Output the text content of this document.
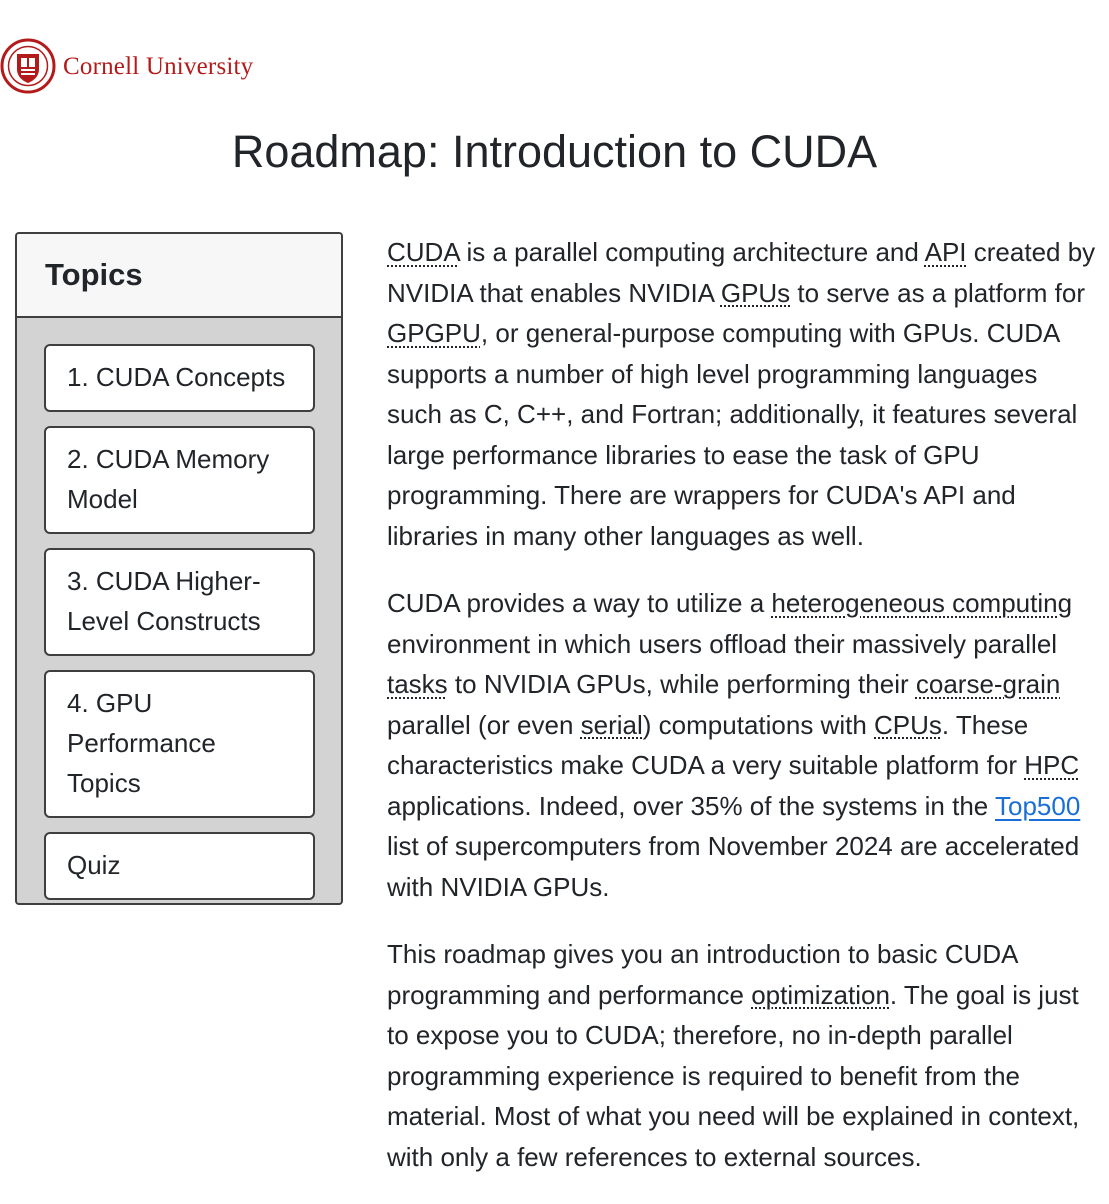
Cornell University
Roadmap: Introduction to CUDA
Topics
1. CUDA Concepts
2. CUDA Memory Model
3. CUDA Higher-Level Constructs
4. GPU Performance Topics
Quiz

CUDA is a parallel computing architecture and API created by NVIDIA that enables NVIDIA GPUs to serve as a platform for GPGPU, or general-purpose computing with GPUs. CUDA supports a number of high level programming languages such as C, C++, and Fortran; additionally, it features several large performance libraries to ease the task of GPU programming. There are wrappers for CUDA's API and libraries in many other languages as well.

CUDA provides a way to utilize a heterogeneous computing environment in which users offload their massively parallel tasks to NVIDIA GPUs, while performing their coarse-grain parallel (or even serial) computations with CPUs. These characteristics make CUDA a very suitable platform for HPC applications. Indeed, over 35% of the systems in the Top500 list of supercomputers from November 2024 are accelerated with NVIDIA GPUs.

This roadmap gives you an introduction to basic CUDA programming and performance optimization. The goal is just to expose you to CUDA; therefore, no in-depth parallel programming experience is required to benefit from the material. Most of what you need will be explained in context, with only a few references to external sources.
